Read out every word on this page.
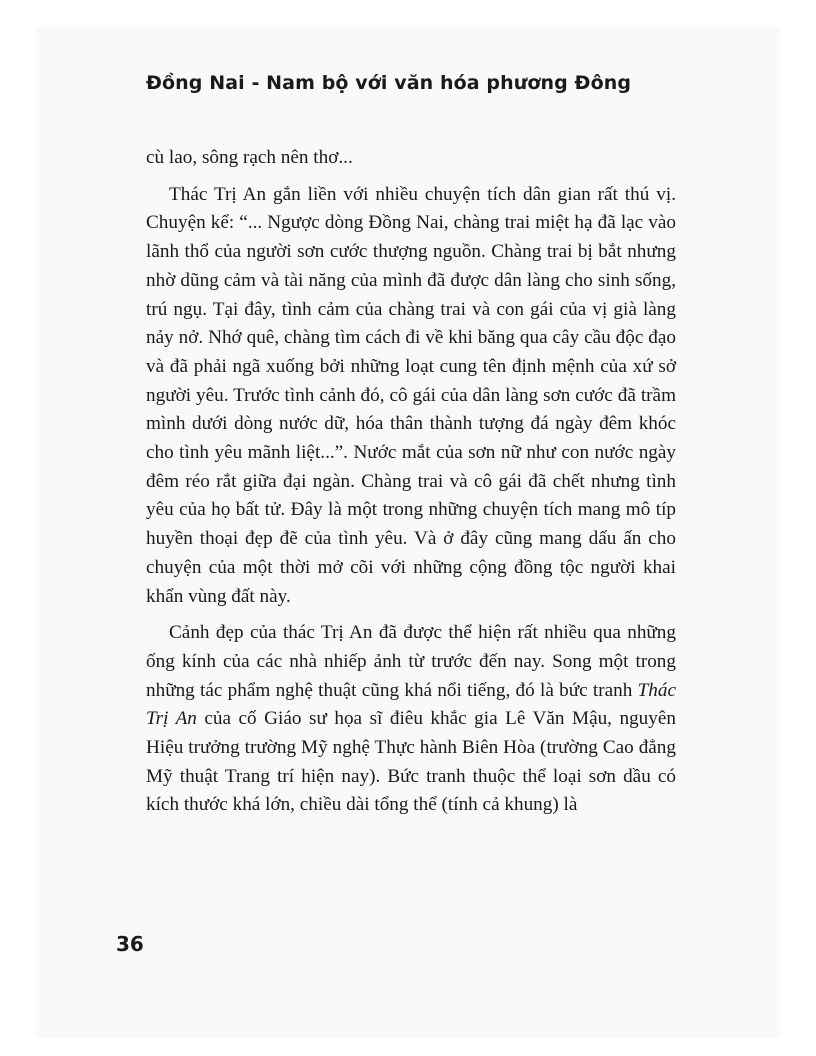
Đồng Nai - Nam bộ với văn hóa phương Đông

cù lao, sông rạch nên thơ...

Thác Trị An gắn liền với nhiều chuyện tích dân gian rất thú vị. Chuyện kể: “... Ngược dòng Đồng Nai, chàng trai miệt hạ đã lạc vào lãnh thổ của người sơn cước thượng nguồn. Chàng trai bị bắt nhưng nhờ dũng cảm và tài năng của mình đã được dân làng cho sinh sống, trú ngụ. Tại đây, tình cảm của chàng trai và con gái của vị già làng nảy nở. Nhớ quê, chàng tìm cách đi về khi băng qua cây cầu độc đạo và đã phải ngã xuống bởi những loạt cung tên định mệnh của xứ sở người yêu. Trước tình cảnh đó, cô gái của dân làng sơn cước đã trầm mình dưới dòng nước dữ, hóa thân thành tượng đá ngày đêm khóc cho tình yêu mãnh liệt...”. Nước mắt của sơn nữ như con nước ngày đêm réo rắt giữa đại ngàn. Chàng trai và cô gái đã chết nhưng tình yêu của họ bất tử. Đây là một trong những chuyện tích mang mô típ huyền thoại đẹp đẽ của tình yêu. Và ở đây cũng mang dấu ấn cho chuyện của một thời mở cõi với những cộng đồng tộc người khai khẩn vùng đất này.

Cảnh đẹp của thác Trị An đã được thể hiện rất nhiều qua những ống kính của các nhà nhiếp ảnh từ trước đến nay. Song một trong những tác phẩm nghệ thuật cũng khá nổi tiếng, đó là bức tranh Thác Trị An của cố Giáo sư họa sĩ điêu khắc gia Lê Văn Mậu, nguyên Hiệu trưởng trường Mỹ nghệ Thực hành Biên Hòa (trường Cao đẳng Mỹ thuật Trang trí hiện nay). Bức tranh thuộc thể loại sơn dầu có kích thước khá lớn, chiều dài tổng thể (tính cả khung) là

36
